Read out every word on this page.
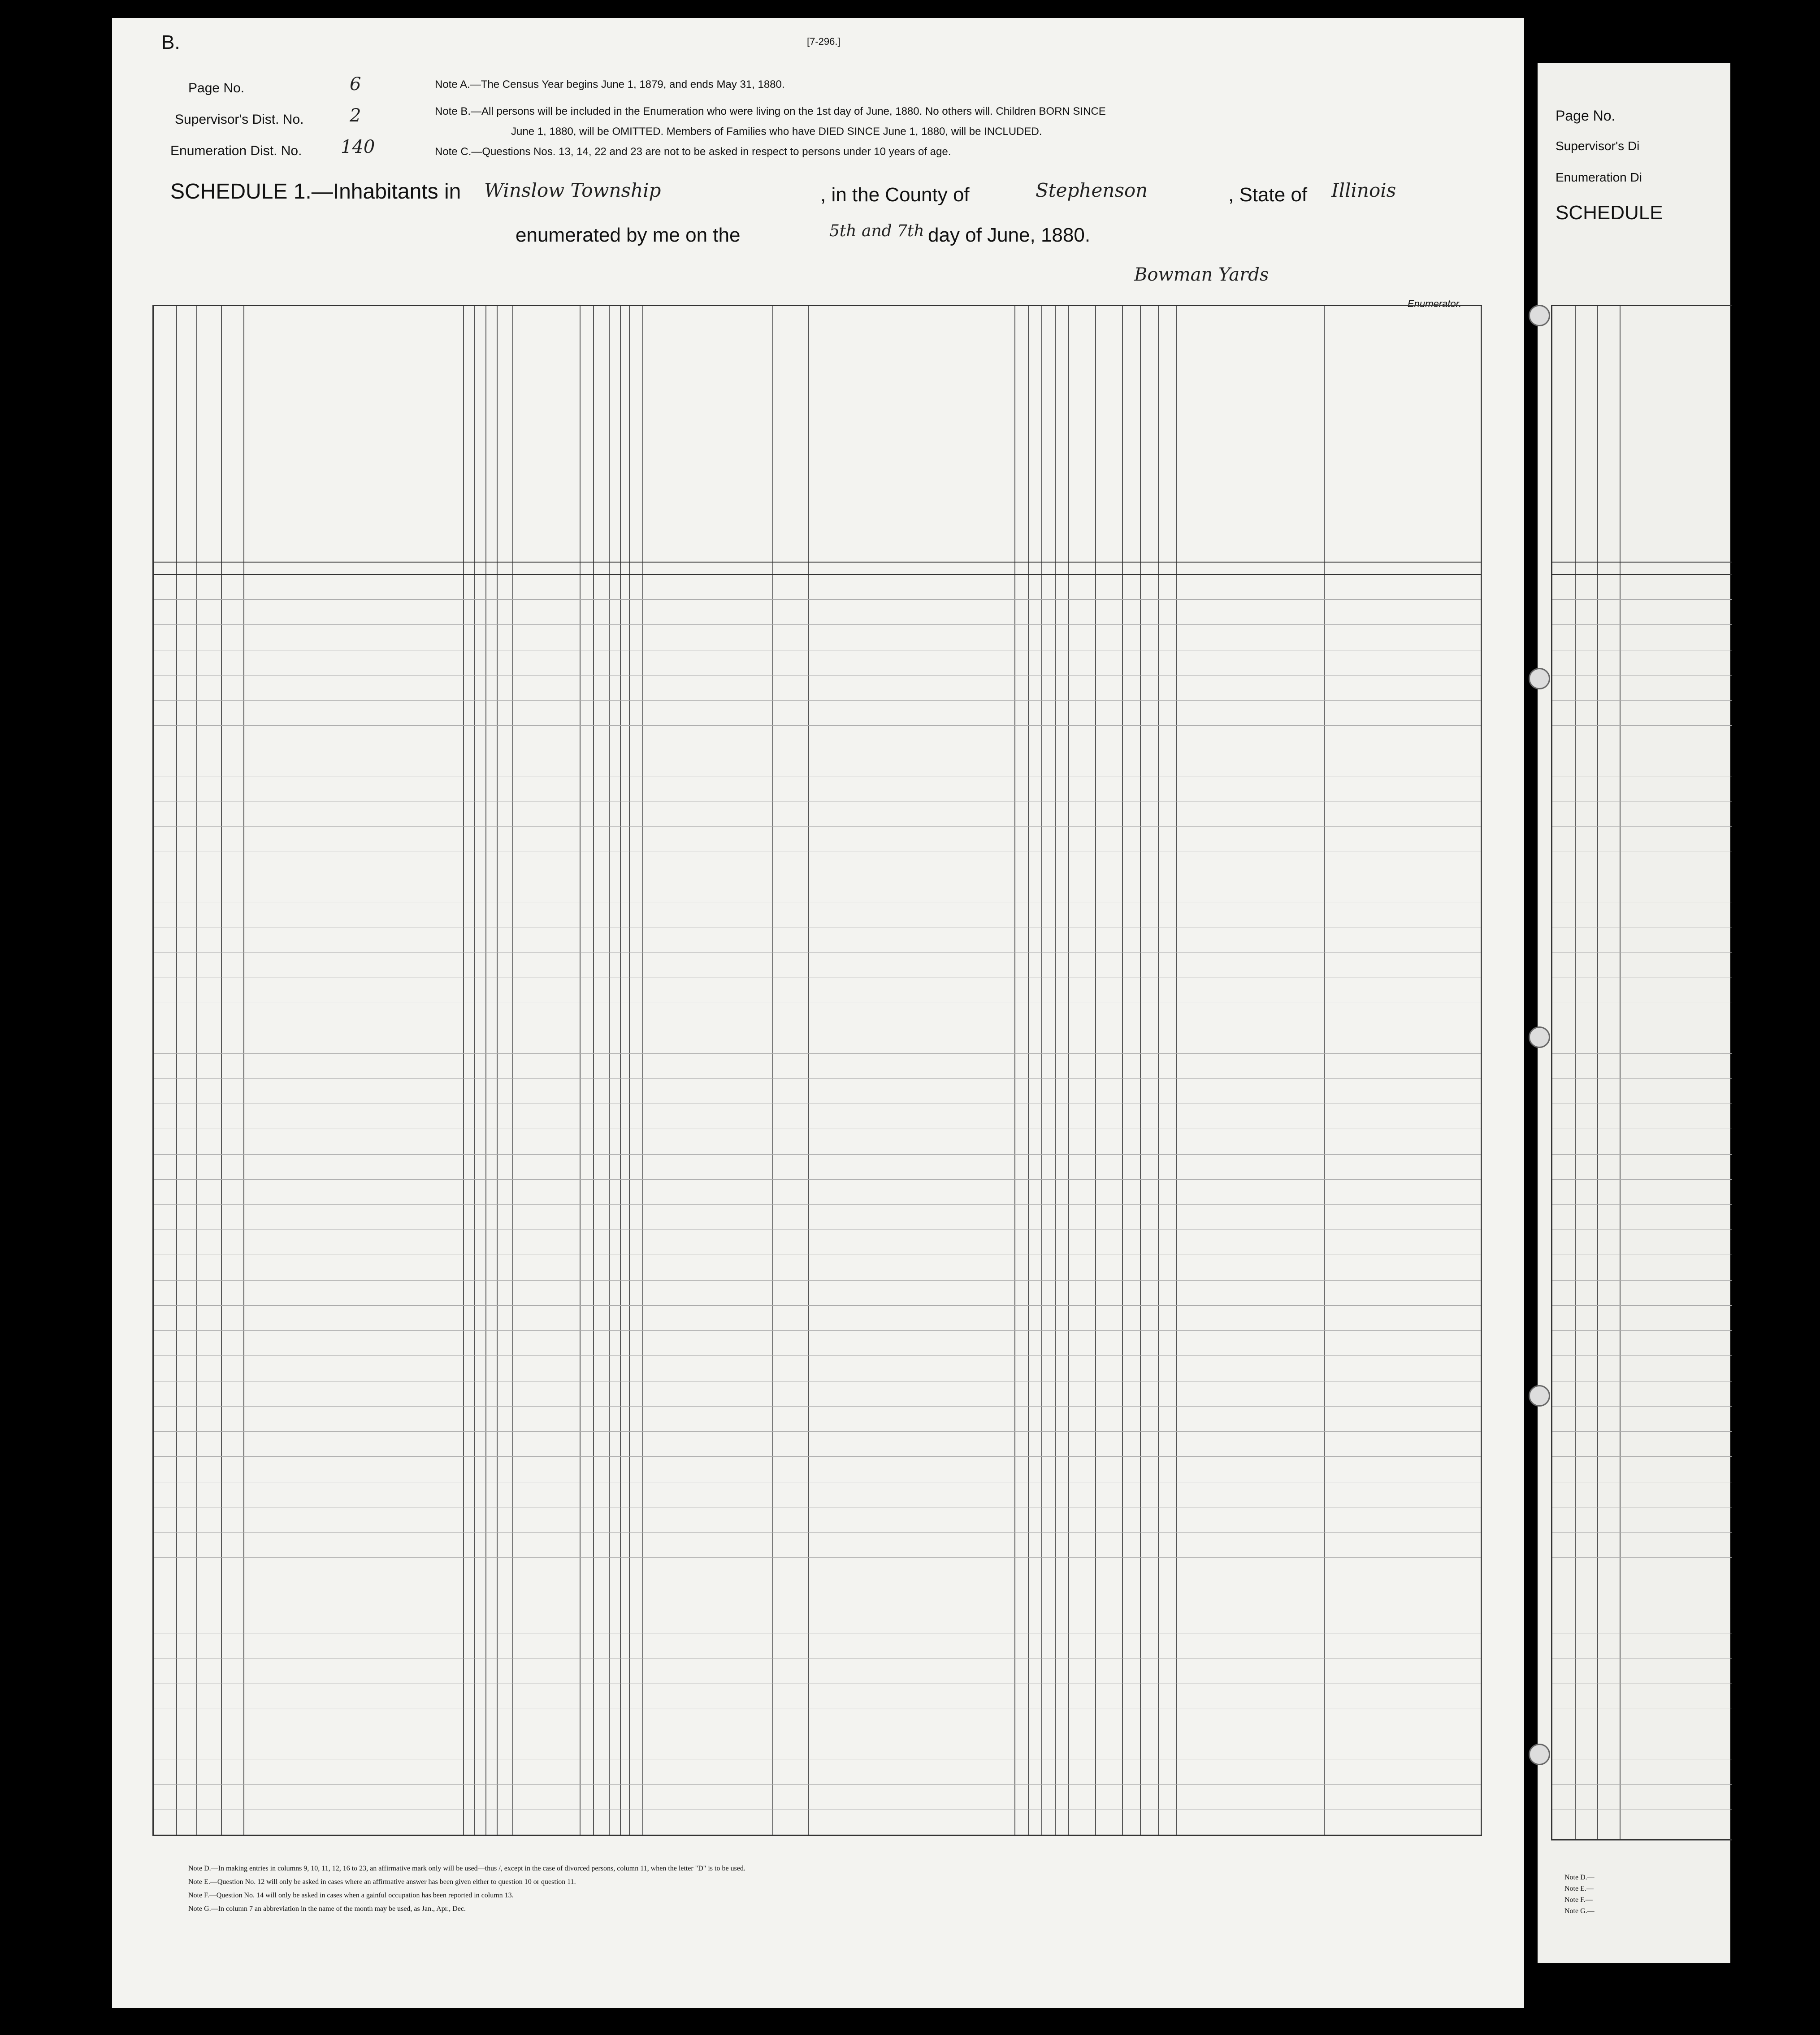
B.	[7-296.]
Page No.	6
Supervisor's Dist. No.	2
Enumeration Dist. No. 140
Note A.—The Census Year begins June 1, 1879, and ends May 31, 1880.
Note B.—All persons will be included in the Enumeration who were living on the 1st day of June, 1880. No others will. Children BORN SINCE
June 1, 1880, will be OMITTED. Members of Families who have DIED SINCE June 1, 1880, will be INCLUDED.
Note C.—Questions Nos. 13, 14, 22 and 23 are not to be asked in respect to persons under 10 years of age.
SCHEDULE 1.—Inhabitants in Winslow Township	, in the County of	Stephenson	, State of Illinois
enumerated by me on the	5th and 7th day of June, 1880.
Bowman Yards
Enumerator.
Note D.—In making entries in columns 9, 10, 11, 12, 16 to 23, an affirmative mark only will be used—thus /, except in the case of divorced persons, column 11, when the letter "D" is to be used.
Note E.—Question No. 12 will only be asked in cases where an affirmative answer has been given either to question 10 or question 11.
Note F.—Question No. 14 will only be asked in cases when a gainful occupation has been reported in column 13.
Note G.—In column 7 an abbreviation in the name of the month may be used, as Jan., Apr., Dec.
Page No.
Supervisor's Di
Enumeration Di
SCHEDULE
Note D.—
Note E.—
Note F.—
Note G.—
